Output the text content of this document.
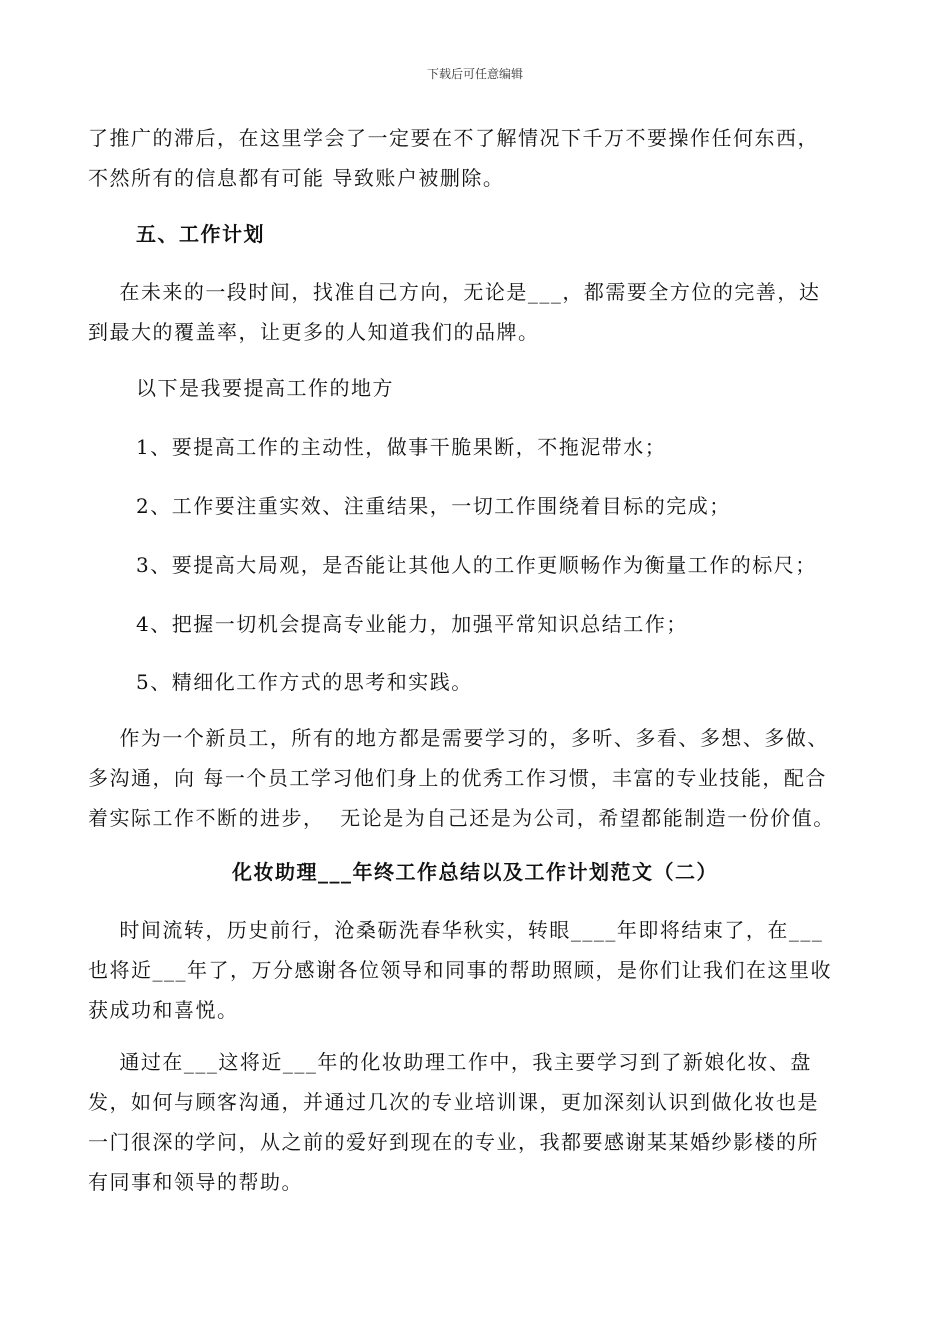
下载后可任意编辑
了推广的滞后，在这里学会了一定要在不了解情况下千万不要操作任何东西，
不然所有的信息都有可能 导致账户被删除。
五、工作计划
在未来的一段时间，找准自己方向，无论是___，都需要全方位的完善，达
到最大的覆盖率，让更多的人知道我们的品牌。
以下是我要提高工作的地方
1、要提高工作的主动性，做事干脆果断，不拖泥带水；
2、工作要注重实效、注重结果，一切工作围绕着目标的完成；
3、要提高大局观，是否能让其他人的工作更顺畅作为衡量工作的标尺；
4、把握一切机会提高专业能力，加强平常知识总结工作；
5、精细化工作方式的思考和实践。
作为一个新员工，所有的地方都是需要学习的，多听、多看、多想、多做、
多沟通，向 每一个员工学习他们身上的优秀工作习惯，丰富的专业技能，配合
着实际工作不断的进步，  无论是为自己还是为公司，希望都能制造一份价值。
化妆助理___年终工作总结以及工作计划范文（二）
时间流转，历史前行，沧桑砺洗春华秋实，转眼____年即将结束了，在___
也将近___年了，万分感谢各位领导和同事的帮助照顾，是你们让我们在这里收
获成功和喜悦。
通过在___这将近___年的化妆助理工作中，我主要学习到了新娘化妆、盘
发，如何与顾客沟通，并通过几次的专业培训课，更加深刻认识到做化妆也是
一门很深的学问，从之前的爱好到现在的专业，我都要感谢某某婚纱影楼的所
有同事和领导的帮助。
